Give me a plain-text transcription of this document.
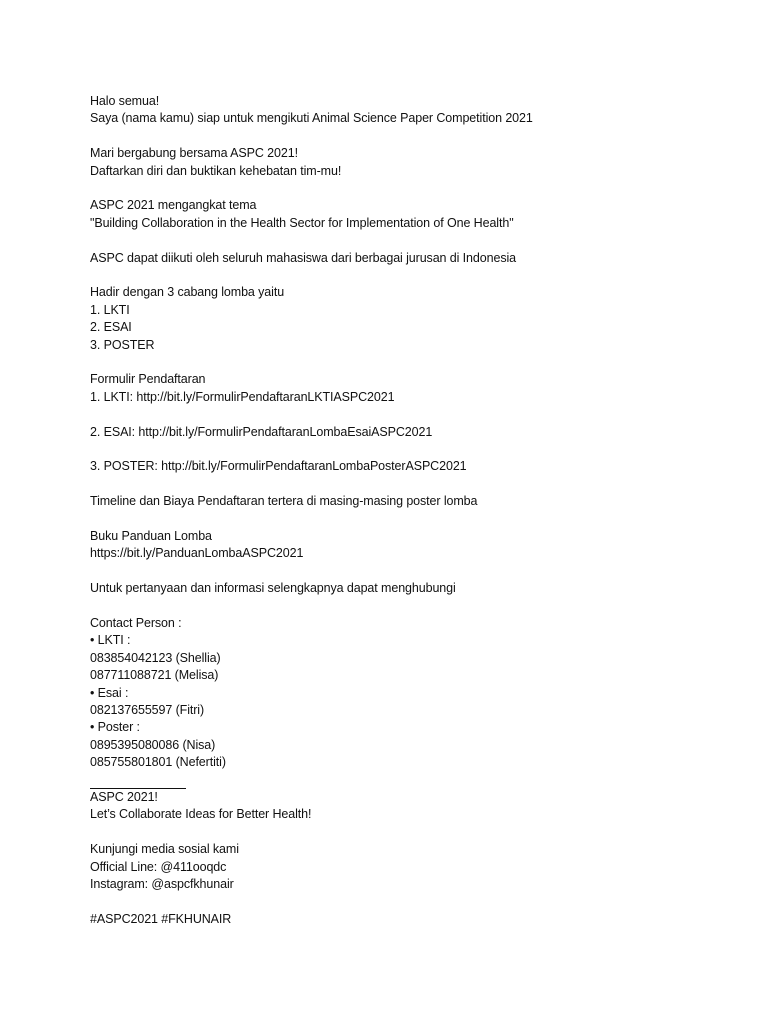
Halo semua!
Saya (nama kamu) siap untuk mengikuti Animal Science Paper Competition 2021
Mari bergabung bersama ASPC 2021!
Daftarkan diri dan buktikan kehebatan tim-mu!
ASPC 2021 mengangkat tema
"Building Collaboration in the Health Sector for Implementation of One Health"
ASPC dapat diikuti oleh seluruh mahasiswa dari berbagai jurusan di Indonesia
Hadir dengan 3 cabang lomba yaitu
1. LKTI
2. ESAI
3. POSTER
Formulir Pendaftaran
1. LKTI: http://bit.ly/FormulirPendaftaranLKTIASPC2021
2. ESAI: http://bit.ly/FormulirPendaftaranLombaEsaiASPC2021
3. POSTER: http://bit.ly/FormulirPendaftaranLombaPosterASPC2021
Timeline dan Biaya Pendaftaran tertera di masing-masing poster lomba
Buku Panduan Lomba
https://bit.ly/PanduanLombaASPC2021
Untuk pertanyaan dan informasi selengkapnya dapat menghubungi
Contact Person :
• LKTI :
083854042123 (Shellia)
087711088721 (Melisa)
• Esai :
082137655597 (Fitri)
• Poster :
0895395080086 (Nisa)
085755801801 (Nefertiti)
ASPC 2021!
Let’s Collaborate Ideas for Better Health!
Kunjungi media sosial kami
Official Line: @411ooqdc
Instagram: @aspcfkhunair
#ASPC2021 #FKHUNAIR
